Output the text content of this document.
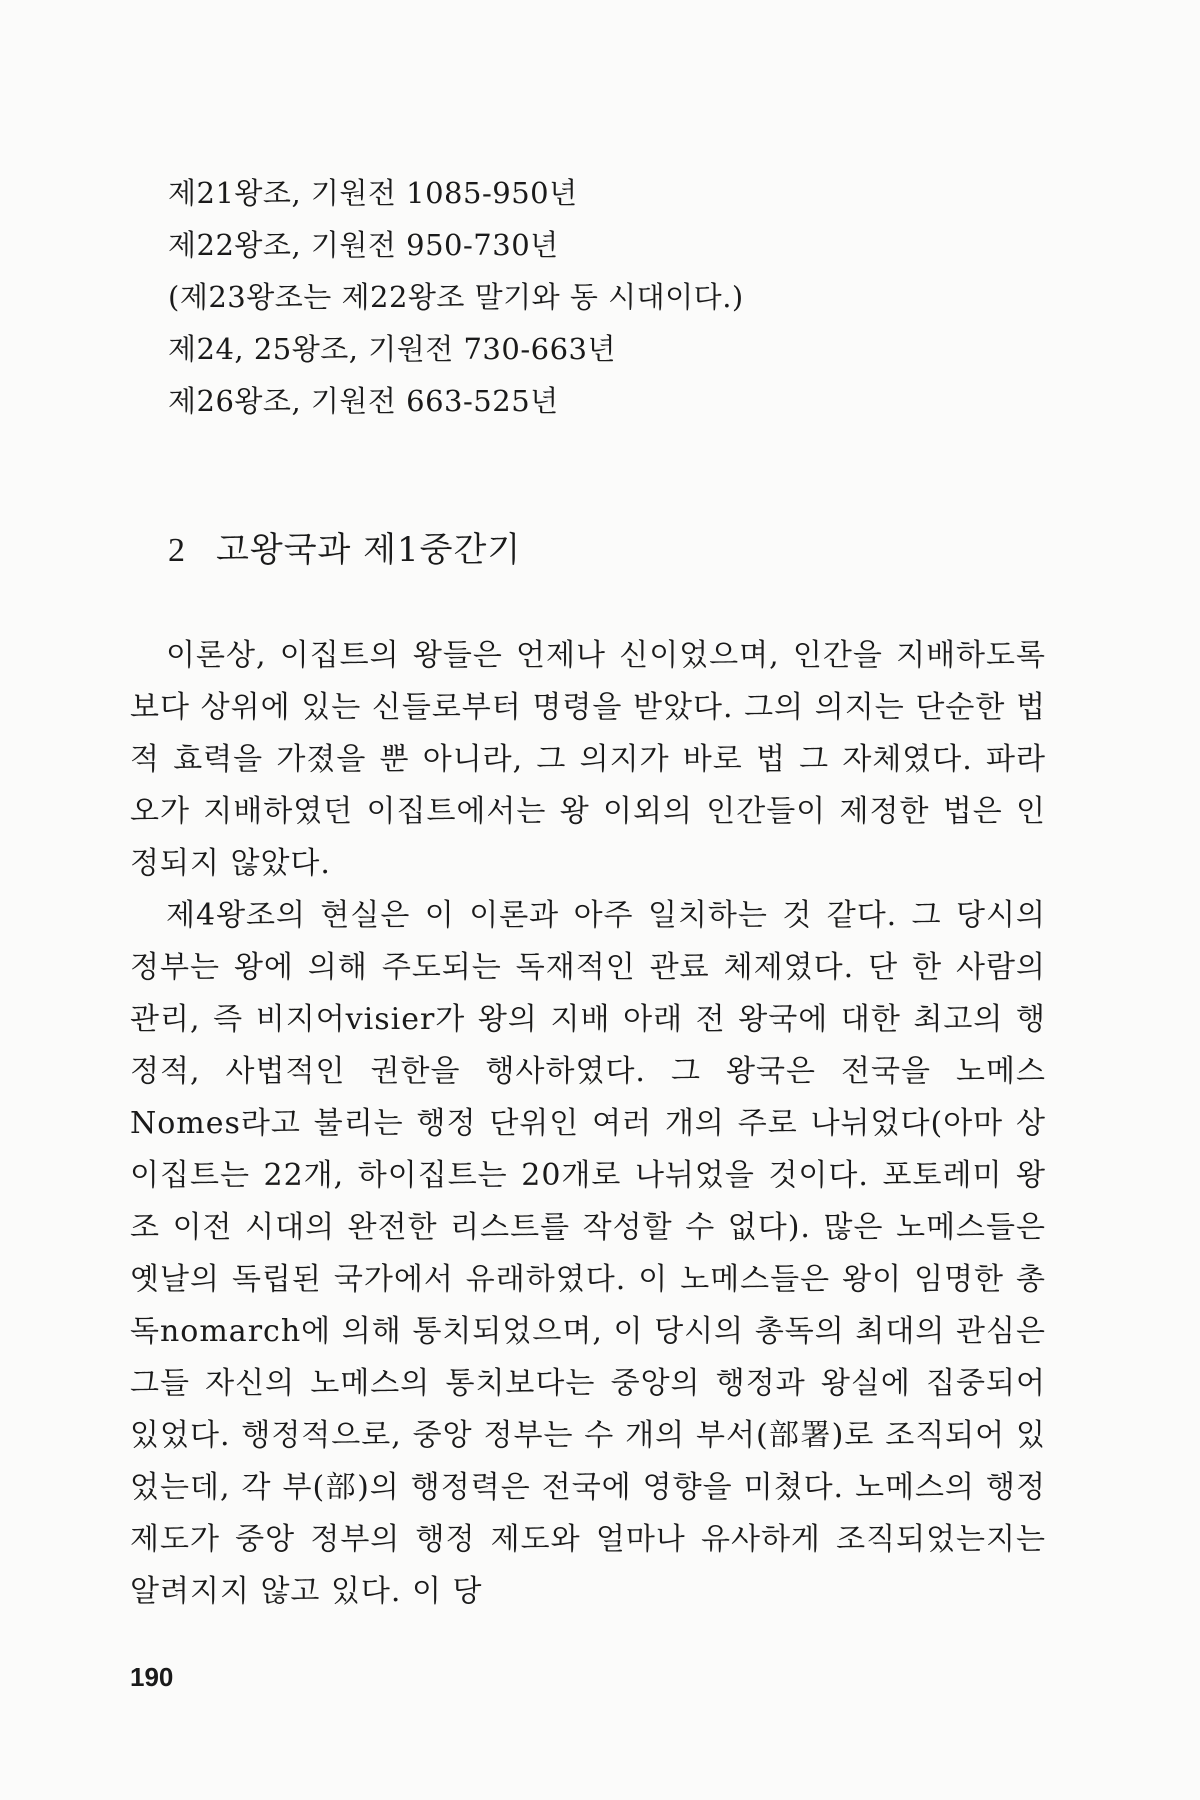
제21왕조, 기원전 1085-950년
제22왕조, 기원전 950-730년
(제23왕조는 제22왕조 말기와 동 시대이다.)
제24, 25왕조, 기원전 730-663년
제26왕조, 기원전 663-525년
2 고왕국과 제1중간기

이론상, 이집트의 왕들은 언제나 신이었으며, 인간을 지배하도록 보다 상위에 있는 신들로부터 명령을 받았다. 그의 의지는 단순한 법적 효력을 가졌을 뿐 아니라, 그 의지가 바로 법 그 자체였다. 파라오가 지배하였던 이집트에서는 왕 이외의 인간들이 제정한 법은 인정되지 않았다.

제4왕조의 현실은 이 이론과 아주 일치하는 것 같다. 그 당시의 정부는 왕에 의해 주도되는 독재적인 관료 체제였다. 단 한 사람의 관리, 즉 비지어visier가 왕의 지배 아래 전 왕국에 대한 최고의 행정적, 사법적인 권한을 행사하였다. 그 왕국은 전국을 노메스Nomes라고 불리는 행정 단위인 여러 개의 주로 나뉘었다(아마 상이집트는 22개, 하이집트는 20개로 나뉘었을 것이다. 포토레미 왕조 이전 시대의 완전한 리스트를 작성할 수 없다). 많은 노메스들은 옛날의 독립된 국가에서 유래하였다. 이 노메스들은 왕이 임명한 총독nomarch에 의해 통치되었으며, 이 당시의 총독의 최대의 관심은 그들 자신의 노메스의 통치보다는 중앙의 행정과 왕실에 집중되어 있었다. 행정적으로, 중앙 정부는 수 개의 부서(部署)로 조직되어 있었는데, 각 부(部)의 행정력은 전국에 영향을 미쳤다. 노메스의 행정 제도가 중앙 정부의 행정 제도와 얼마나 유사하게 조직되었는지는 알려지지 않고 있다. 이 당

190
